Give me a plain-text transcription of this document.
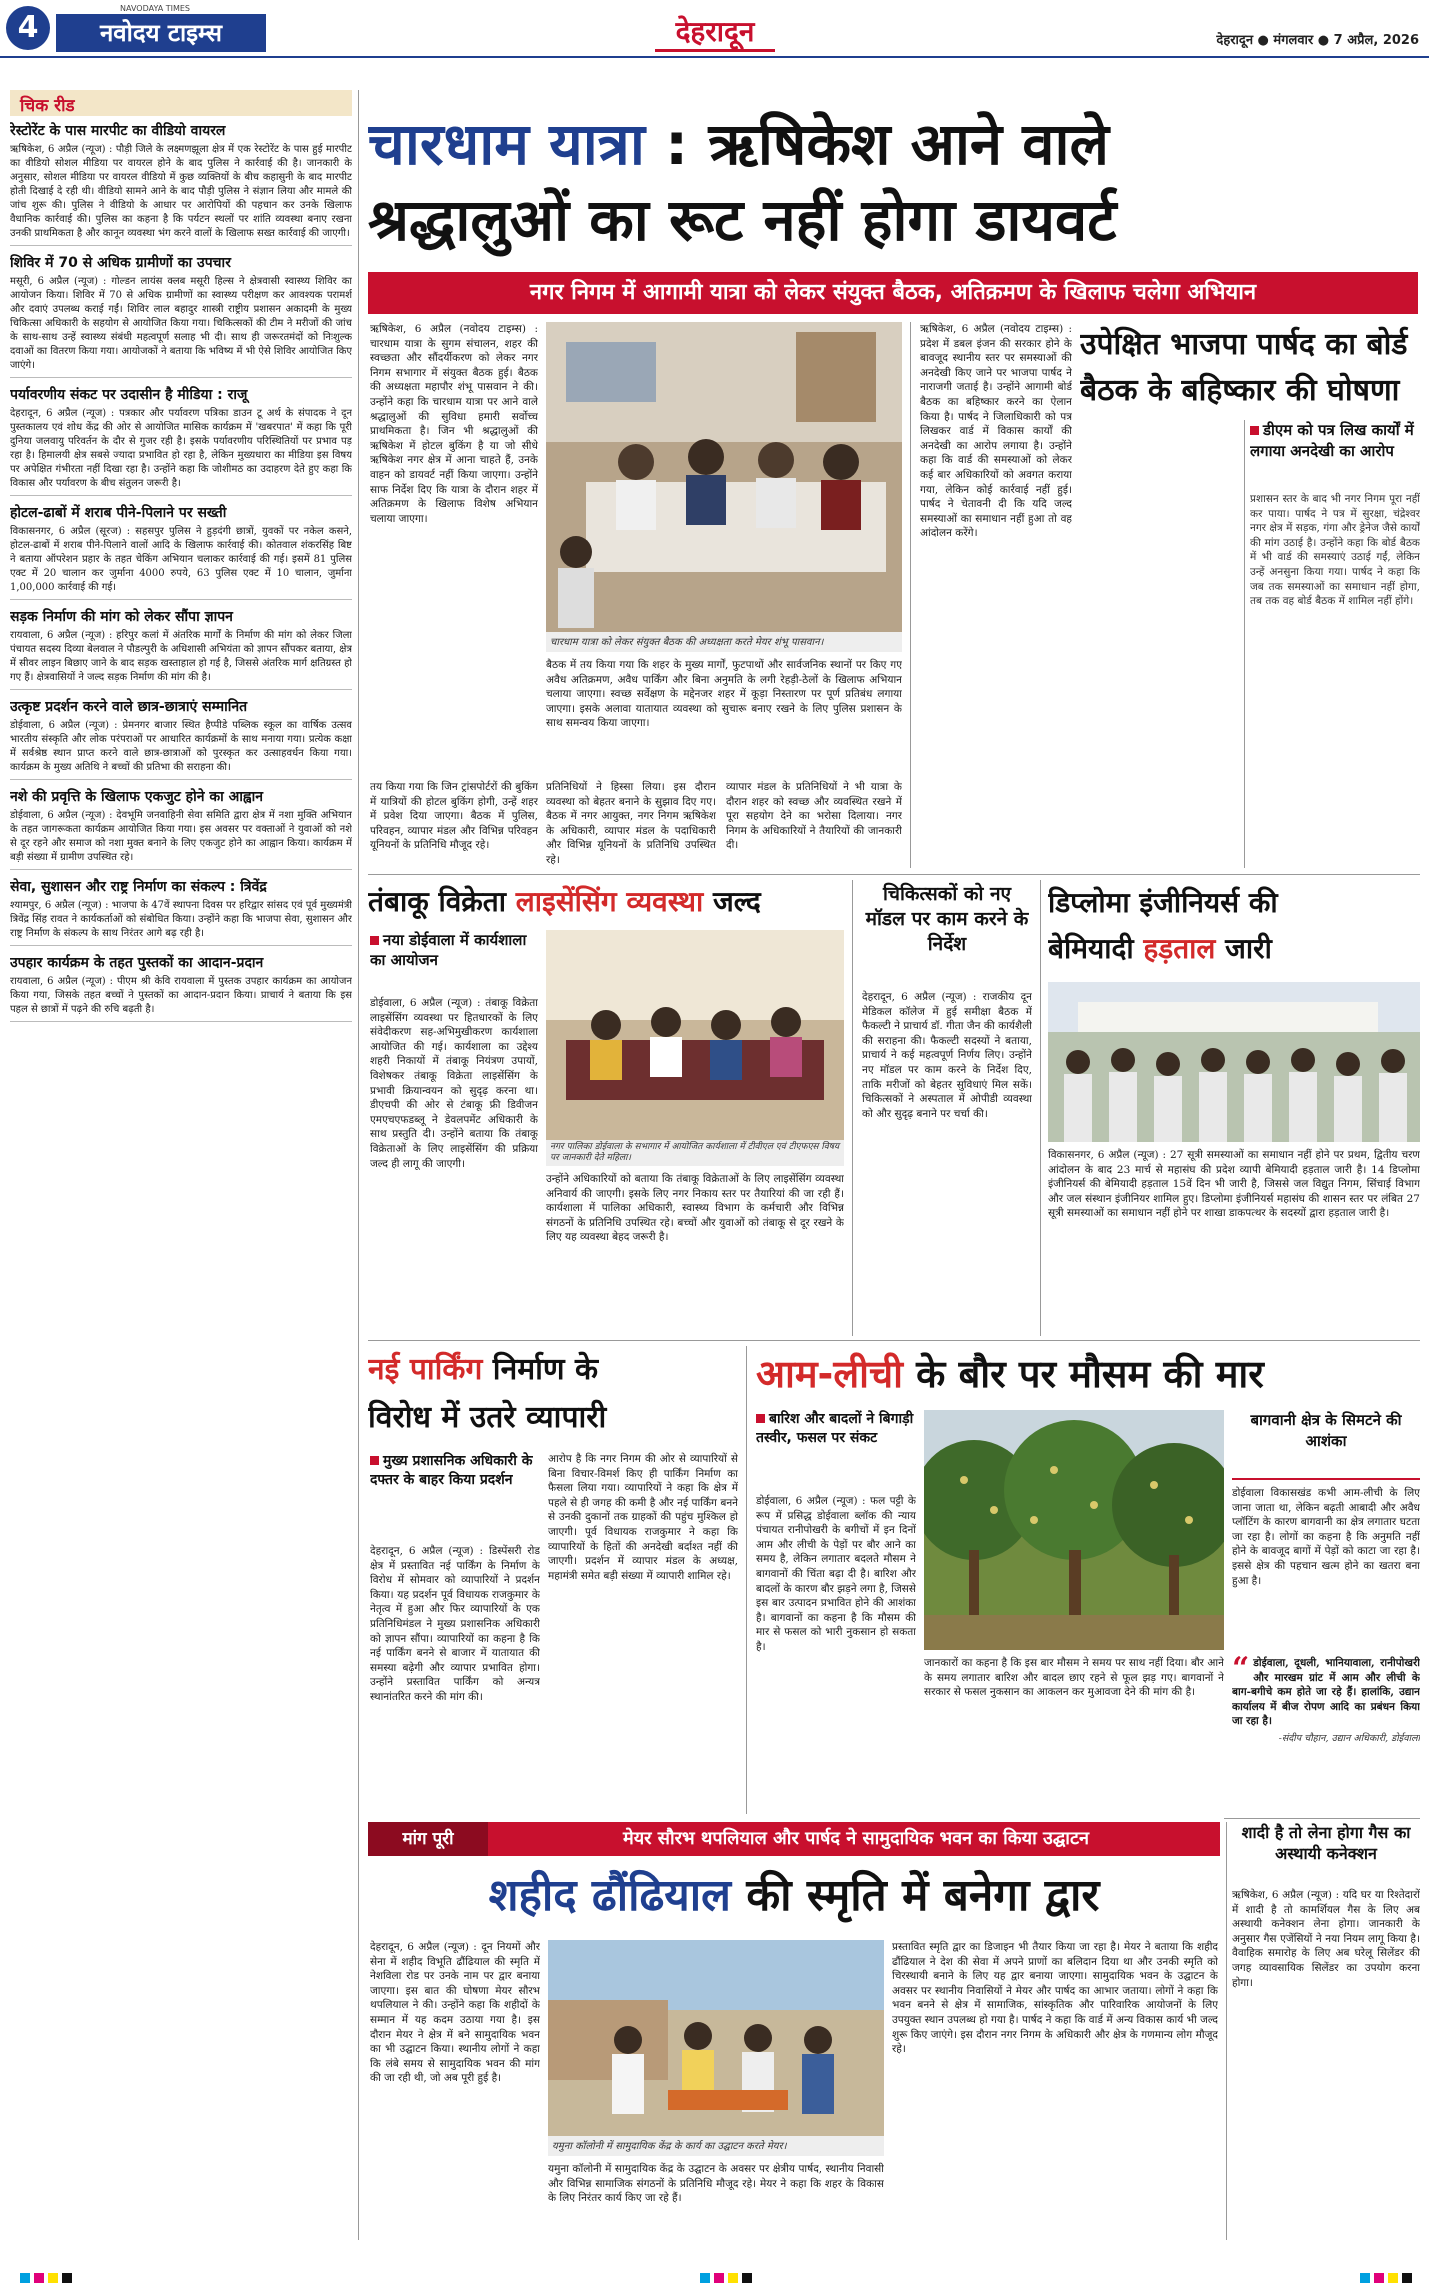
4
NAVODAYA TIMES
नवोदय टाइम्स	देहरादून	देहरादून ● मंगलवार ● 7 अप्रैल, 2026
चिक रीड
रेस्टोरेंट के पास मारपीट का वीडियो वायरल
ऋषिकेश, 6 अप्रैल (न्यूज) : पौड़ी जिले के लक्ष्मणझूला क्षेत्र में एक रेस्टोरेंट के पास हुई मारपीट का वीडियो सोशल मीडिया पर वायरल होने के बाद पुलिस ने कार्रवाई की है। जानकारी के अनुसार, सोशल मीडिया पर वायरल वीडियो में कुछ व्यक्तियों के बीच कहासुनी के बाद मारपीट होती दिखाई दे रही थी। वीडियो सामने आने के बाद पौड़ी पुलिस ने संज्ञान लिया और मामले की जांच शुरू की। पुलिस ने वीडियो के आधार पर आरोपियों की पहचान कर उनके खिलाफ वैधानिक कार्रवाई की। पुलिस का कहना है कि पर्यटन स्थलों पर शांति व्यवस्था बनाए रखना उनकी प्राथमिकता है और कानून व्यवस्था भंग करने वालों के खिलाफ सख्त कार्रवाई की जाएगी।
शिविर में 70 से अधिक ग्रामीणों का उपचार
मसूरी, 6 अप्रैल (न्यूज) : गोल्डन लायंस क्लब मसूरी हिल्स ने क्षेत्रवासी स्वास्थ्य शिविर का आयोजन किया। शिविर में 70 से अधिक ग्रामीणों का स्वास्थ्य परीक्षण कर आवश्यक परामर्श और दवाएं उपलब्ध कराई गईं। शिविर लाल बहादुर शास्त्री राष्ट्रीय प्रशासन अकादमी के मुख्य चिकित्सा अधिकारी के सहयोग से आयोजित किया गया। चिकित्सकों की टीम ने मरीजों की जांच के साथ-साथ उन्हें स्वास्थ्य संबंधी महत्वपूर्ण सलाह भी दी। साथ ही जरूरतमंदों को निःशुल्क दवाओं का वितरण किया गया। आयोजकों ने बताया कि भविष्य में भी ऐसे शिविर आयोजित किए जाएंगे।
पर्यावरणीय संकट पर उदासीन है मीडिया : राजू
देहरादून, 6 अप्रैल (न्यूज) : पत्रकार और पर्यावरण पत्रिका डाउन टू अर्थ के संपादक ने दून पुस्तकालय एवं शोध केंद्र की ओर से आयोजित मासिक कार्यक्रम में 'खबरपात' में कहा कि पूरी दुनिया जलवायु परिवर्तन के दौर से गुजर रही है। इसके पर्यावरणीय परिस्थितियों पर प्रभाव पड़ रहा है। हिमालयी क्षेत्र सबसे ज्यादा प्रभावित हो रहा है, लेकिन मुख्यधारा का मीडिया इस विषय पर अपेक्षित गंभीरता नहीं दिखा रहा है। उन्होंने कहा कि जोशीमठ का उदाहरण देते हुए कहा कि विकास और पर्यावरण के बीच संतुलन जरूरी है।
होटल-ढाबों में शराब पीने-पिलाने पर सख्ती
विकासनगर, 6 अप्रैल (सूरज) : सहसपुर पुलिस ने हुड़दंगी छात्रों, युवकों पर नकेल कसने, होटल-ढाबों में शराब पीने-पिलाने वालों आदि के खिलाफ कार्रवाई की। कोतवाल शंकरसिंह बिष्ट ने बताया ऑपरेशन प्रहार के तहत चेकिंग अभियान चलाकर कार्रवाई की गई। इसमें 81 पुलिस एक्ट में 20 चालान कर जुर्माना 4000 रुपये, 63 पुलिस एक्ट में 10 चालान, जुर्माना 1,00,000 कार्रवाई की गई।
सड़क निर्माण की मांग को लेकर सौंपा ज्ञापन
रायवाला, 6 अप्रैल (न्यूज) : हरिपुर कलां में अंतरिक मार्गों के निर्माण की मांग को लेकर जिला पंचायत सदस्य दिव्या बेलवाल ने पौडल्पुरी के अधिशासी अभियंता को ज्ञापन सौंपकर बताया, क्षेत्र में सीवर लाइन बिछाए जाने के बाद सड़क खस्ताहाल हो गई है, जिससे अंतरिक मार्ग क्षतिग्रस्त हो गए हैं। क्षेत्रवासियों ने जल्द सड़क निर्माण की मांग की है।
उत्कृष्ट प्रदर्शन करने वाले छात्र-छात्राएं सम्मानित
डोईवाला, 6 अप्रैल (न्यूज) : प्रेमनगर बाजार स्थित हैप्पीडे पब्लिक स्कूल का वार्षिक उत्सव भारतीय संस्कृति और लोक परंपराओं पर आधारित कार्यक्रमों के साथ मनाया गया। प्रत्येक कक्षा में सर्वश्रेष्ठ स्थान प्राप्त करने वाले छात्र-छात्राओं को पुरस्कृत कर उत्साहवर्धन किया गया। कार्यक्रम के मुख्य अतिथि ने बच्चों की प्रतिभा की सराहना की।
नशे की प्रवृत्ति के खिलाफ एकजुट होने का आह्वान
डोईवाला, 6 अप्रैल (न्यूज) : देवभूमि जनवाहिनी सेवा समिति द्वारा क्षेत्र में नशा मुक्ति अभियान के तहत जागरूकता कार्यक्रम आयोजित किया गया। इस अवसर पर वक्ताओं ने युवाओं को नशे से दूर रहने और समाज को नशा मुक्त बनाने के लिए एकजुट होने का आह्वान किया। कार्यक्रम में बड़ी संख्या में ग्रामीण उपस्थित रहे।
सेवा, सुशासन और राष्ट्र निर्माण का संकल्प : त्रिवेंद्र
श्यामपुर, 6 अप्रैल (न्यूज) : भाजपा के 47वें स्थापना दिवस पर हरिद्वार सांसद एवं पूर्व मुख्यमंत्री त्रिवेंद्र सिंह रावत ने कार्यकर्ताओं को संबोधित किया। उन्होंने कहा कि भाजपा सेवा, सुशासन और राष्ट्र निर्माण के संकल्प के साथ निरंतर आगे बढ़ रही है।
उपहार कार्यक्रम के तहत पुस्तकों का आदान-प्रदान
रायवाला, 6 अप्रैल (न्यूज) : पीएम श्री केवि रायवाला में पुस्तक उपहार कार्यक्रम का आयोजन किया गया, जिसके तहत बच्चों ने पुस्तकों का आदान-प्रदान किया। प्राचार्य ने बताया कि इस पहल से छात्रों में पढ़ने की रुचि बढ़ती है।
चारधाम यात्रा : ऋषिकेश आने वाले
श्रद्धालुओं का रूट नहीं होगा डायवर्ट
नगर निगम में आगामी यात्रा को लेकर संयुक्त बैठक, अतिक्रमण के खिलाफ चलेगा अभियान
ऋषिकेश, 6 अप्रैल (नवोदय टाइम्स) : चारधाम यात्रा के सुगम संचालन, शहर की स्वच्छता और सौंदर्यीकरण को लेकर नगर निगम सभागार में संयुक्त बैठक हुई। बैठक की अध्यक्षता महापौर शंभू पासवान ने की। उन्होंने कहा कि चारधाम यात्रा पर आने वाले श्रद्धालुओं की सुविधा हमारी सर्वोच्च प्राथमिकता है। जिन भी श्रद्धालुओं की ऋषिकेश में होटल बुकिंग है या जो सीधे ऋषिकेश नगर क्षेत्र में आना चाहते हैं, उनके वाहन को डायवर्ट नहीं किया जाएगा। उन्होंने साफ निर्देश दिए कि यात्रा के दौरान शहर में अतिक्रमण के खिलाफ विशेष अभियान चलाया जाएगा।
चारधाम यात्रा को लेकर संयुक्त बैठक की अध्यक्षता करते मेयर शंभू पासवान।
बैठक में तय किया गया कि शहर के मुख्य मार्गों, फुटपाथों और सार्वजनिक स्थानों पर किए गए अवैध अतिक्रमण, अवैध पार्किंग और बिना अनुमति के लगी रेहड़ी-ठेलों के खिलाफ अभियान चलाया जाएगा। स्वच्छ सर्वेक्षण के मद्देनजर शहर में कूड़ा निस्तारण पर पूर्ण प्रतिबंध लगाया जाएगा। इसके अलावा यातायात व्यवस्था को सुचारू बनाए रखने के लिए पुलिस प्रशासन के साथ समन्वय किया जाएगा।
तय किया गया कि जिन ट्रांसपोर्टरों की बुकिंग में यात्रियों की होटल बुकिंग होगी, उन्हें शहर में प्रवेश दिया जाएगा। बैठक में पुलिस, परिवहन, व्यापार मंडल और विभिन्न परिवहन यूनियनों के प्रतिनिधि मौजूद रहे।
प्रतिनिधियों ने हिस्सा लिया। इस दौरान व्यवस्था को बेहतर बनाने के सुझाव दिए गए। बैठक में नगर आयुक्त, नगर निगम ऋषिकेश के अधिकारी, व्यापार मंडल के पदाधिकारी और विभिन्न यूनियनों के प्रतिनिधि उपस्थित रहे।
व्यापार मंडल के प्रतिनिधियों ने भी यात्रा के दौरान शहर को स्वच्छ और व्यवस्थित रखने में पूरा सहयोग देने का भरोसा दिलाया। नगर निगम के अधिकारियों ने तैयारियों की जानकारी दी।
उपेक्षित भाजपा पार्षद का बोर्ड बैठक के बहिष्कार की घोषणा
ऋषिकेश, 6 अप्रैल (नवोदय टाइम्स) : प्रदेश में डबल इंजन की सरकार होने के बावजूद स्थानीय स्तर पर समस्याओं की अनदेखी किए जाने पर भाजपा पार्षद ने नाराजगी जताई है। उन्होंने आगामी बोर्ड बैठक का बहिष्कार करने का ऐलान किया है। पार्षद ने जिलाधिकारी को पत्र लिखकर वार्ड में विकास कार्यों की अनदेखी का आरोप लगाया है। उन्होंने कहा कि वार्ड की समस्याओं को लेकर कई बार अधिकारियों को अवगत कराया गया, लेकिन कोई कार्रवाई नहीं हुई। पार्षद ने चेतावनी दी कि यदि जल्द समस्याओं का समाधान नहीं हुआ तो वह आंदोलन करेंगे।
डीएम को पत्र लिख कार्यों में लगाया अनदेखी का आरोप
प्रशासन स्तर के बाद भी नगर निगम पूरा नहीं कर पाया। पार्षद ने पत्र में सुरक्षा, चंद्रेश्वर नगर क्षेत्र में सड़क, गंगा और ड्रेनेज जैसे कार्यों की मांग उठाई है। उन्होंने कहा कि बोर्ड बैठक में भी वार्ड की समस्याएं उठाई गईं, लेकिन उन्हें अनसुना किया गया। पार्षद ने कहा कि जब तक समस्याओं का समाधान नहीं होगा, तब तक वह बोर्ड बैठक में शामिल नहीं होंगे।
तंबाकू विक्रेता लाइसेंसिंग व्यवस्था जल्द
नया डोईवाला में कार्यशाला का आयोजन
डोईवाला, 6 अप्रैल (न्यूज) : तंबाकू विक्रेता लाइसेंसिंग व्यवस्था पर हितधारकों के लिए संवेदीकरण सह-अभिमुखीकरण कार्यशाला आयोजित की गई। कार्यशाला का उद्देश्य शहरी निकायों में तंबाकू नियंत्रण उपायों, विशेषकर तंबाकू विक्रेता लाइसेंसिंग के प्रभावी क्रियान्वयन को सुदृढ़ करना था। डीएचपी की ओर से टंबाकू फ्री डिवीजन एमएचएफडब्लू ने डेवलपमेंट अधिकारी के साथ प्रस्तुति दी। उन्होंने बताया कि तंबाकू विक्रेताओं के लिए लाइसेंसिंग की प्रक्रिया जल्द ही लागू की जाएगी।
नगर पालिका डोईवाला के सभागार में आयोजित कार्यशाला में टीवीएल एवं टीएफएस विषय पर जानकारी देते महिला।
उन्होंने अधिकारियों को बताया कि तंबाकू विक्रेताओं के लिए लाइसेंसिंग व्यवस्था अनिवार्य की जाएगी। इसके लिए नगर निकाय स्तर पर तैयारियां की जा रही हैं। कार्यशाला में पालिका अधिकारी, स्वास्थ्य विभाग के कर्मचारी और विभिन्न संगठनों के प्रतिनिधि उपस्थित रहे। बच्चों और युवाओं को तंबाकू से दूर रखने के लिए यह व्यवस्था बेहद जरूरी है।
चिकित्सकों को नए मॉडल पर काम करने के निर्देश
देहरादून, 6 अप्रैल (न्यूज) : राजकीय दून मेडिकल कॉलेज में हुई समीक्षा बैठक में फैकल्टी ने प्राचार्य डॉ. गीता जैन की कार्यशैली की सराहना की। फैकल्टी सदस्यों ने बताया, प्राचार्य ने कई महत्वपूर्ण निर्णय लिए। उन्होंने नए मॉडल पर काम करने के निर्देश दिए, ताकि मरीजों को बेहतर सुविधाएं मिल सकें। चिकित्सकों ने अस्पताल में ओपीडी व्यवस्था को और सुदृढ़ बनाने पर चर्चा की।
डिप्लोमा इंजीनियर्स की
बेमियादी हड़ताल जारी
विकासनगर, 6 अप्रैल (न्यूज) : 27 सूत्री समस्याओं का समाधान नहीं होने पर प्रथम, द्वितीय चरण आंदोलन के बाद 23 मार्च से महासंघ की प्रदेश व्यापी बेमियादी हड़ताल जारी है। 14 डिप्लोमा इंजीनियर्स की बेमियादी हड़ताल 15वें दिन भी जारी है, जिससे जल विद्युत निगम, सिंचाई विभाग और जल संस्थान इंजीनियर शामिल हुए। डिप्लोमा इंजीनियर्स महासंघ की शासन स्तर पर लंबित 27 सूत्री समस्याओं का समाधान नहीं होने पर शाखा डाकपत्थर के सदस्यों द्वारा हड़ताल जारी है।
नई पार्किंग निर्माण के
विरोध में उतरे व्यापारी
मुख्य प्रशासनिक अधिकारी के दफ्तर के बाहर किया प्रदर्शन
देहरादून, 6 अप्रैल (न्यूज) : डिस्पेंसरी रोड क्षेत्र में प्रस्तावित नई पार्किंग के निर्माण के विरोध में सोमवार को व्यापारियों ने प्रदर्शन किया। यह प्रदर्शन पूर्व विधायक राजकुमार के नेतृत्व में हुआ और फिर व्यापारियों के एक प्रतिनिधिमंडल ने मुख्य प्रशासनिक अधिकारी को ज्ञापन सौंपा। व्यापारियों का कहना है कि नई पार्किंग बनने से बाजार में यातायात की समस्या बढ़ेगी और व्यापार प्रभावित होगा। उन्होंने प्रस्तावित पार्किंग को अन्यत्र स्थानांतरित करने की मांग की।
आरोप है कि नगर निगम की ओर से व्यापारियों से बिना विचार-विमर्श किए ही पार्किंग निर्माण का फैसला लिया गया। व्यापारियों ने कहा कि क्षेत्र में पहले से ही जगह की कमी है और नई पार्किंग बनने से उनकी दुकानों तक ग्राहकों की पहुंच मुश्किल हो जाएगी। पूर्व विधायक राजकुमार ने कहा कि व्यापारियों के हितों की अनदेखी बर्दाश्त नहीं की जाएगी। प्रदर्शन में व्यापार मंडल के अध्यक्ष, महामंत्री समेत बड़ी संख्या में व्यापारी शामिल रहे।
आम-लीची के बौर पर मौसम की मार
बारिश और बादलों ने बिगाड़ी तस्वीर, फसल पर संकट
डोईवाला, 6 अप्रैल (न्यूज) : फल पट्टी के रूप में प्रसिद्ध डोईवाला ब्लॉक की न्याय पंचायत रानीपोखरी के बगीचों में इन दिनों आम और लीची के पेड़ों पर बौर आने का समय है, लेकिन लगातार बदलते मौसम ने बागवानों की चिंता बढ़ा दी है। बारिश और बादलों के कारण बौर झड़ने लगा है, जिससे इस बार उत्पादन प्रभावित होने की आशंका है। बागवानों का कहना है कि मौसम की मार से फसल को भारी नुकसान हो सकता है।
बागवानी क्षेत्र के सिमटने की आशंका
डोईवाला विकासखंड कभी आम-लीची के लिए जाना जाता था, लेकिन बढ़ती आबादी और अवैध प्लॉटिंग के कारण बागवानी का क्षेत्र लगातार घटता जा रहा है। लोगों का कहना है कि अनुमति नहीं होने के बावजूद बागों में पेड़ों को काटा जा रहा है। इससे क्षेत्र की पहचान खत्म होने का खतरा बना हुआ है।
जानकारों का कहना है कि इस बार मौसम ने समय पर साथ नहीं दिया। बौर आने के समय लगातार बारिश और बादल छाए रहने से फूल झड़ गए। बागवानों ने सरकार से फसल नुकसान का आकलन कर मुआवजा देने की मांग की है।
“ डोईवाला, दूधली, भानियावाला, रानीपोखरी और मारखम ग्रांट में आम और लीची के बाग-बगीचे कम होते जा रहे हैं। हालांकि, उद्यान कार्यालय में बीज रोपण आदि का प्रबंधन किया जा रहा है।
-संदीप चौहान, उद्यान अधिकारी, डोईवाला
शादी है तो लेना होगा गैस का अस्थायी कनेक्शन
ऋषिकेश, 6 अप्रैल (न्यूज) : यदि घर या रिश्तेदारों में शादी है तो कामर्शियल गैस के लिए अब अस्थायी कनेक्शन लेना होगा। जानकारी के अनुसार गैस एजेंसियों ने नया नियम लागू किया है। वैवाहिक समारोह के लिए अब घरेलू सिलेंडर की जगह व्यावसायिक सिलेंडर का उपयोग करना होगा।
मांग पूरी	मेयर सौरभ थपलियाल और पार्षद ने सामुदायिक भवन का किया उद्घाटन
शहीद ढौंढियाल की स्मृति में बनेगा द्वार
देहरादून, 6 अप्रैल (न्यूज) : दून नियमों और सेना में शहीद विभूति ढौंढियाल की स्मृति में नेशविला रोड पर उनके नाम पर द्वार बनाया जाएगा। इस बात की घोषणा मेयर सौरभ थपलियाल ने की। उन्होंने कहा कि शहीदों के सम्मान में यह कदम उठाया गया है। इस दौरान मेयर ने क्षेत्र में बने सामुदायिक भवन का भी उद्घाटन किया। स्थानीय लोगों ने कहा कि लंबे समय से सामुदायिक भवन की मांग की जा रही थी, जो अब पूरी हुई है।
यमुना कॉलोनी में सामुदायिक केंद्र के कार्य का उद्घाटन करते मेयर।
यमुना कॉलोनी में सामुदायिक केंद्र के उद्घाटन के अवसर पर क्षेत्रीय पार्षद, स्थानीय निवासी और विभिन्न सामाजिक संगठनों के प्रतिनिधि मौजूद रहे। मेयर ने कहा कि शहर के विकास के लिए निरंतर कार्य किए जा रहे हैं।
प्रस्तावित स्मृति द्वार का डिजाइन भी तैयार किया जा रहा है। मेयर ने बताया कि शहीद ढौंढियाल ने देश की सेवा में अपने प्राणों का बलिदान दिया था और उनकी स्मृति को चिरस्थायी बनाने के लिए यह द्वार बनाया जाएगा। सामुदायिक भवन के उद्घाटन के अवसर पर स्थानीय निवासियों ने मेयर और पार्षद का आभार जताया। लोगों ने कहा कि भवन बनने से क्षेत्र में सामाजिक, सांस्कृतिक और पारिवारिक आयोजनों के लिए उपयुक्त स्थान उपलब्ध हो गया है। पार्षद ने कहा कि वार्ड में अन्य विकास कार्य भी जल्द शुरू किए जाएंगे। इस दौरान नगर निगम के अधिकारी और क्षेत्र के गणमान्य लोग मौजूद रहे।
